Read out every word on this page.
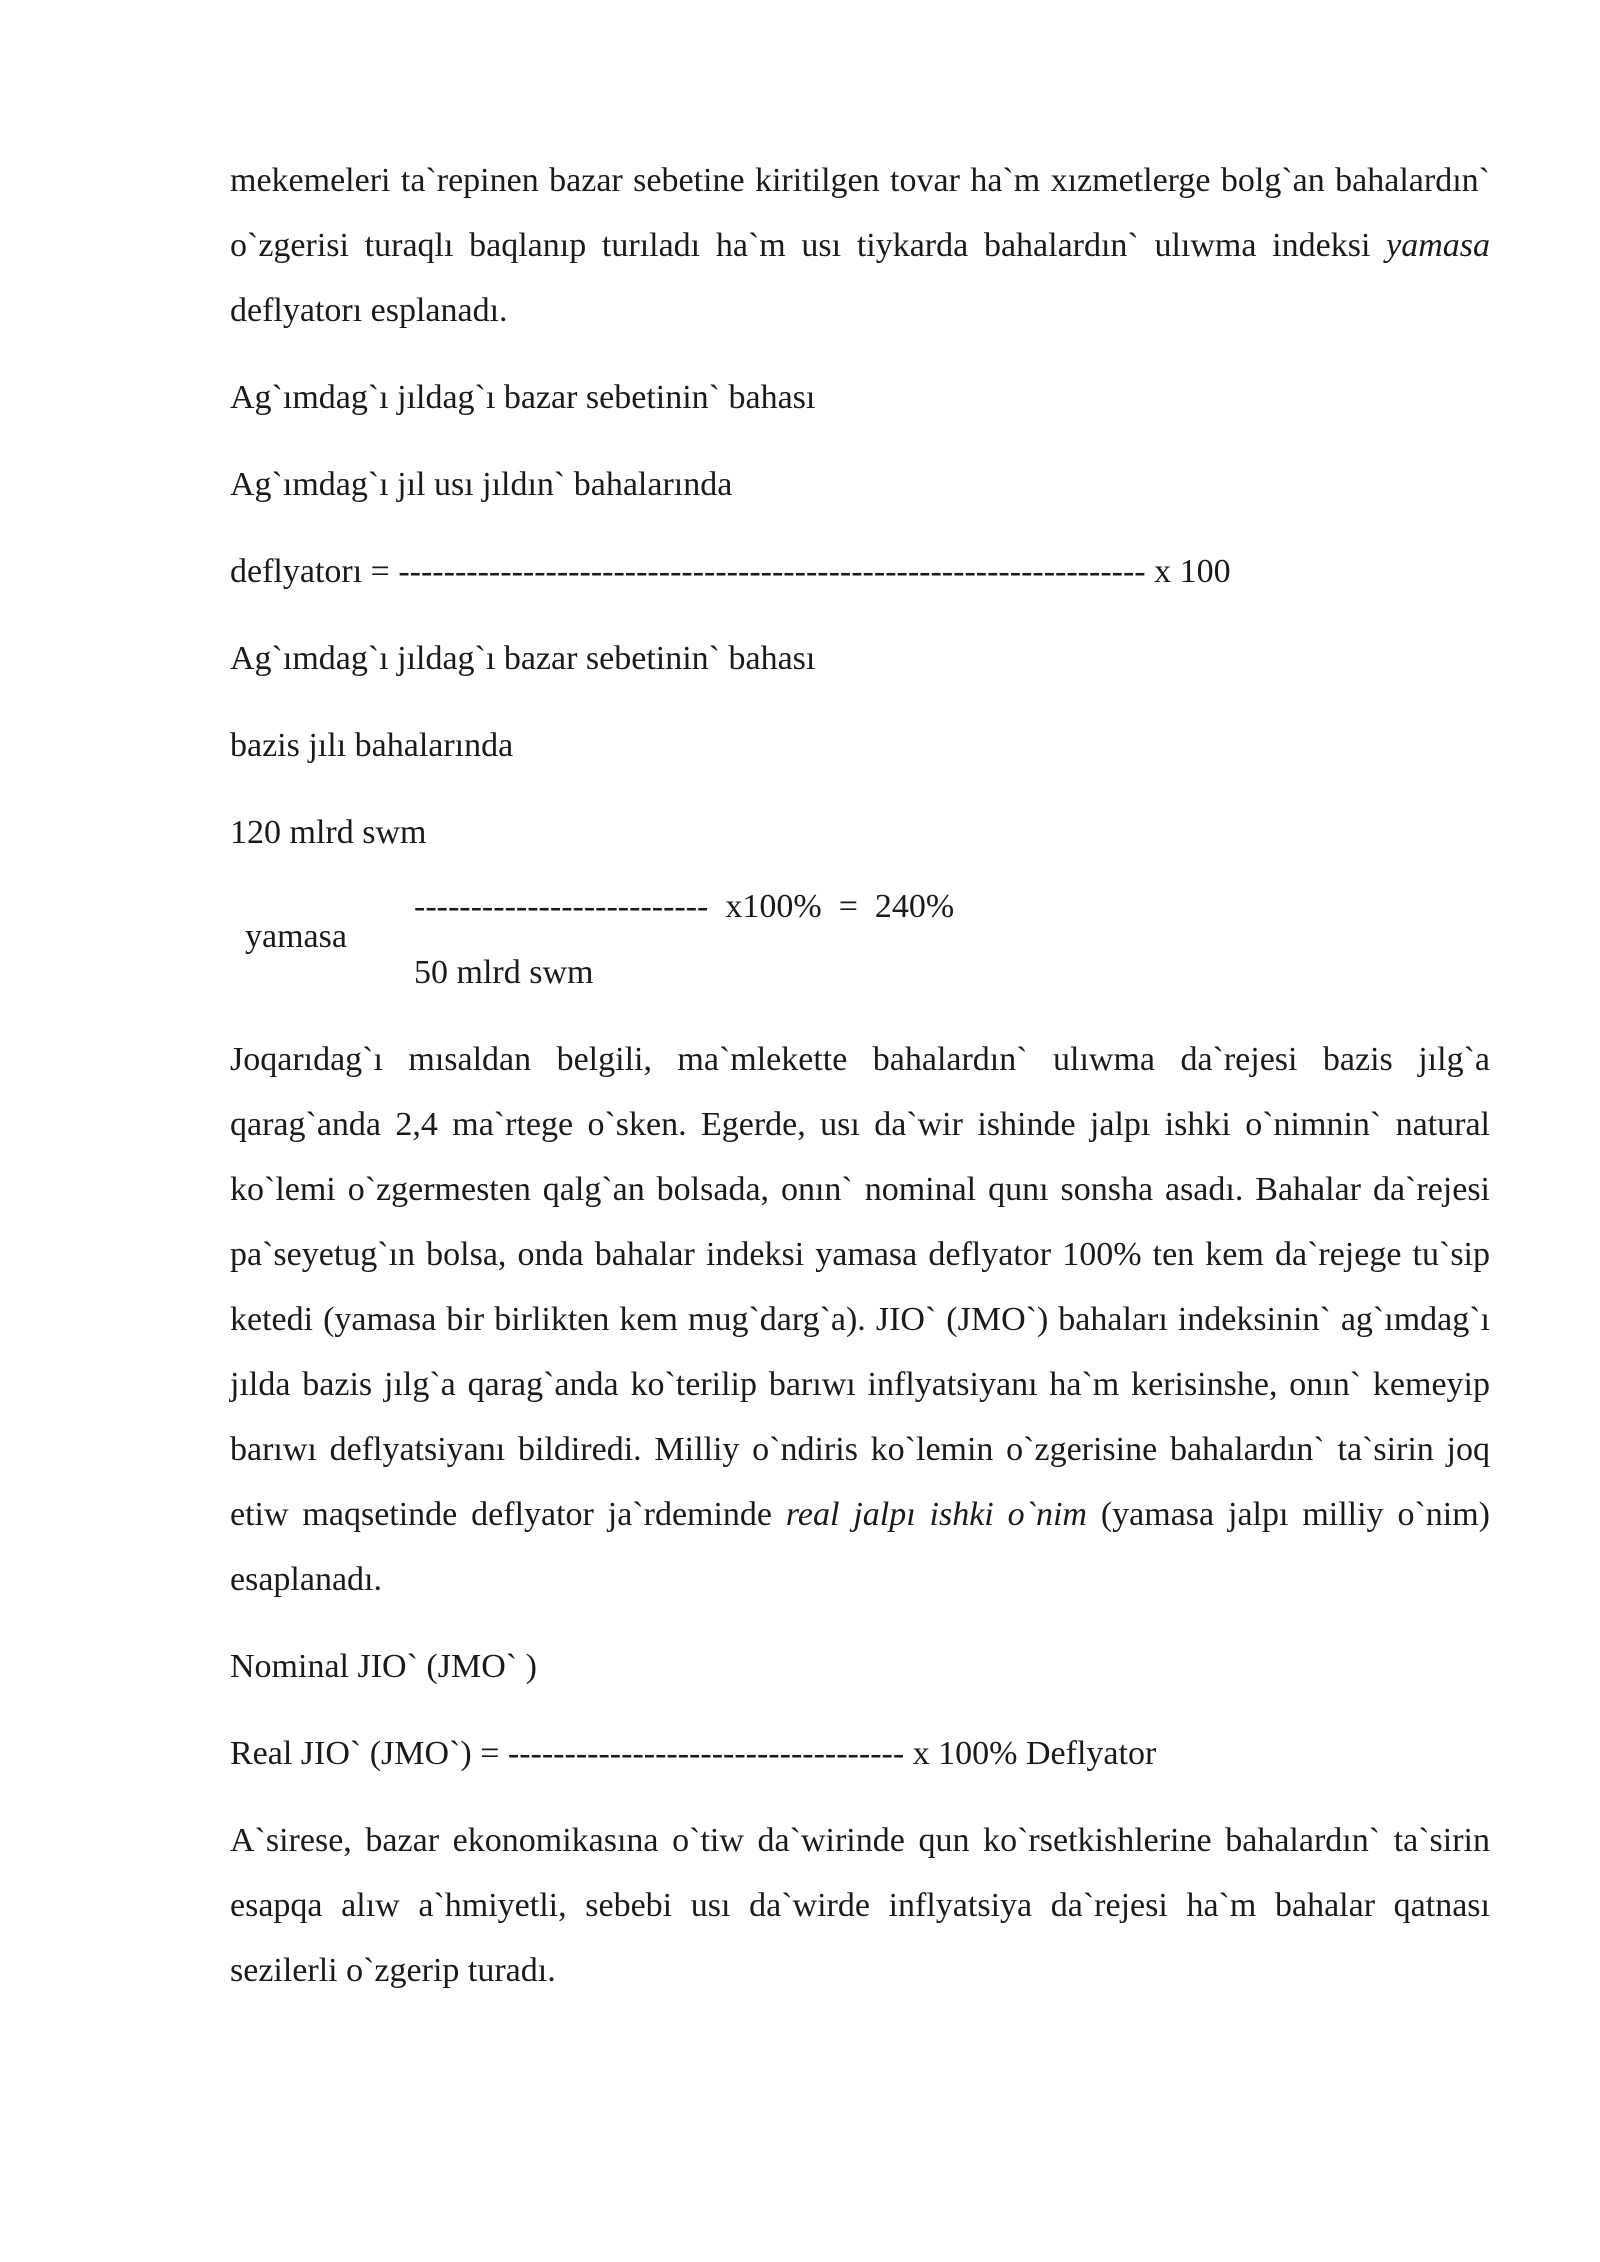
mekemeleri ta`repinen bazar sebetine kiritilgen tovar ha`m xızmetlerge bolg`an bahalardın` o`zgerisi turaqlı baqlanıp turıladı ha`m usı tiykarda bahalardın` ulıwma indeksi yamasa deflyatorı esplanadı.

Ag`ımdag`ı jıldag`ı bazar sebetinin` bahası

Ag`ımdag`ı jıl usı jıldın` bahalarında

deflyatorı = ------------------------------------------------------------------ x 100

Ag`ımdag`ı jıldag`ı bazar sebetinin` bahası

bazis jılı bahalarında

120 mlrd swm

yamasa
--------------------------  x100%  =  240%
50 mlrd swm

Joqarıdag`ı mısaldan belgili, ma`mlekette bahalardın` ulıwma da`rejesi bazis jılg`a qarag`anda 2,4 ma`rtege o`sken. Egerde, usı da`wir ishinde jalpı ishki o`nimnin` natural ko`lemi o`zgermesten qalg`an bolsada, onın` nominal qunı sonsha asadı. Bahalar da`rejesi pa`seyetug`ın bolsa, onda bahalar indeksi yamasa deflyator 100% ten kem da`rejege tu`sip ketedi (yamasa bir birlikten kem mug`darg`a). JIO` (JMO`) bahaları indeksinin` ag`ımdag`ı jılda bazis jılg`a qarag`anda ko`terilip barıwı inflyatsiyanı ha`m kerisinshe, onın` kemeyip barıwı deflyatsiyanı bildiredi. Milliy o`ndiris ko`lemin o`zgerisine bahalardın` ta`sirin joq etiw maqsetinde deflyator ja`rdeminde real jalpı ishki o`nim (yamasa jalpı milliy o`nim) esaplanadı.

Nominal JIO` (JMO` )

Real JIO` (JMO`) = ----------------------------------- x 100% Deflyator

A`sirese, bazar ekonomikasına o`tiw da`wirinde qun ko`rsetkishlerine bahalardın` ta`sirin esapqa alıw a`hmiyetli, sebebi usı da`wirde inflyatsiya da`rejesi ha`m bahalar qatnası sezilerli o`zgerip turadı.
